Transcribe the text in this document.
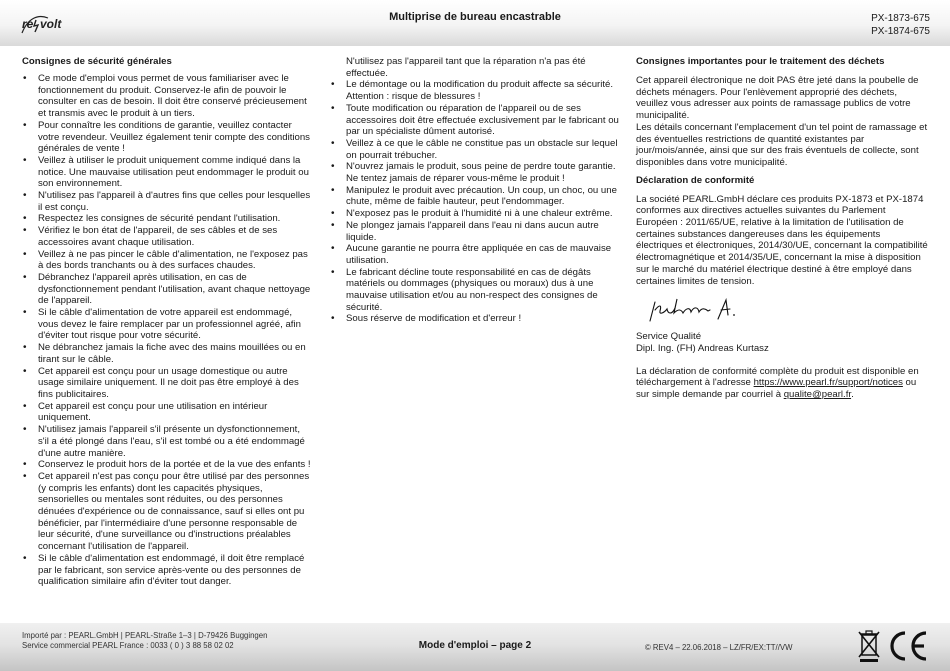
re volt	Multiprise de bureau encastrable	PX-1873-675
PX-1874-675
Consignes de sécurité générales
• Ce mode d'emploi vous permet de vous familiariser avec le fonctionnement du produit. Conservez-le afin de pouvoir le consulter en cas de besoin. Il doit être conservé précieusement et transmis avec le produit à un tiers.
• Pour connaître les conditions de garantie, veuillez contacter votre revendeur. Veuillez également tenir compte des conditions générales de vente !
• Veillez à utiliser le produit uniquement comme indiqué dans la notice. Une mauvaise utilisation peut endommager le produit ou son environnement.
• N'utilisez pas l'appareil à d'autres fins que celles pour lesquelles il est conçu.
• Respectez les consignes de sécurité pendant l'utilisation.
• Vérifiez le bon état de l'appareil, de ses câbles et de ses accessoires avant chaque utilisation.
• Veillez à ne pas pincer le câble d'alimentation, ne l'exposez pas à des bords tranchants ou à des surfaces chaudes.
• Débranchez l'appareil après utilisation, en cas de dysfonctionnement pendant l'utilisation, avant chaque nettoyage de l'appareil.
• Si le câble d'alimentation de votre appareil est endommagé, vous devez le faire remplacer par un professionnel agréé, afin d'éviter tout risque pour votre sécurité.
• Ne débranchez jamais la fiche avec des mains mouillées ou en tirant sur le câble.
• Cet appareil est conçu pour un usage domestique ou autre usage similaire uniquement. Il ne doit pas être employé à des fins publicitaires.
• Cet appareil est conçu pour une utilisation en intérieur uniquement.
• N'utilisez jamais l'appareil s'il présente un dysfonctionnement, s'il a été plongé dans l'eau, s'il est tombé ou a été endommagé d'une autre manière.
• Conservez le produit hors de la portée et de la vue des enfants !
• Cet appareil n'est pas conçu pour être utilisé par des personnes (y compris les enfants) dont les capacités physiques, sensorielles ou mentales sont réduites, ou des personnes dénuées d'expérience ou de connaissance, sauf si elles ont pu bénéficier, par l'intermédiaire d'une personne responsable de leur sécurité, d'une surveillance ou d'instructions préalables concernant l'utilisation de l'appareil.
• Si le câble d'alimentation est endommagé, il doit être remplacé par le fabricant, son service après-vente ou des personnes de qualification similaire afin d'éviter tout danger.
N'utilisez pas l'appareil tant que la réparation n'a pas été effectuée.
• Le démontage ou la modification du produit affecte sa sécurité. Attention : risque de blessures !
• Toute modification ou réparation de l'appareil ou de ses accessoires doit être effectuée exclusivement par le fabricant ou par un spécialiste dûment autorisé.
• Veillez à ce que le câble ne constitue pas un obstacle sur lequel on pourrait trébucher.
• N'ouvrez jamais le produit, sous peine de perdre toute garantie. Ne tentez jamais de réparer vous-même le produit !
• Manipulez le produit avec précaution. Un coup, un choc, ou une chute, même de faible hauteur, peut l'endommager.
• N'exposez pas le produit à l'humidité ni à une chaleur extrême.
• Ne plongez jamais l'appareil dans l'eau ni dans aucun autre liquide.
• Aucune garantie ne pourra être appliquée en cas de mauvaise utilisation.
• Le fabricant décline toute responsabilité en cas de dégâts matériels ou dommages (physiques ou moraux) dus à une mauvaise utilisation et/ou au non-respect des consignes de sécurité.
• Sous réserve de modification et d'erreur !
Consignes importantes pour le traitement des déchets

Cet appareil électronique ne doit PAS être jeté dans la poubelle de déchets ménagers. Pour l'enlèvement approprié des déchets, veuillez vous adresser aux points de ramassage publics de votre municipalité.

Les détails concernant l'emplacement d'un tel point de ramassage et des éventuelles restrictions de quantité existantes par jour/mois/année, ainsi que sur des frais éventuels de collecte, sont disponibles dans votre municipalité.

Déclaration de conformité

La société PEARL.GmbH déclare ces produits PX-1873 et PX-1874 conformes aux directives actuelles suivantes du Parlement Européen : 2011/65/UE, relative à la limitation de l'utilisation de certaines substances dangereuses dans les équipements électriques et électroniques, 2014/30/UE, concernant la compatibilité électromagnétique et 2014/35/UE, concernant la mise à disposition sur le marché du matériel électrique destiné à être employé dans certaines limites de tension.

Service Qualité

Dipl. Ing. (FH) Andreas Kurtasz

La déclaration de conformité complète du produit est disponible en téléchargement à l'adresse https://www.pearl.fr/support/notices ou sur simple demande par courriel à qualite@pearl.fr.

Importé par : PEARL.GmbH | PEARL-Straße 1–3 | D-79426 Buggingen
Service commercial PEARL France : 0033 ( 0 ) 3 88 58 02 02	Mode d'emploi – page 2	© REV4 – 22.06.2018 – LZ/FR/EX:TT//VW
